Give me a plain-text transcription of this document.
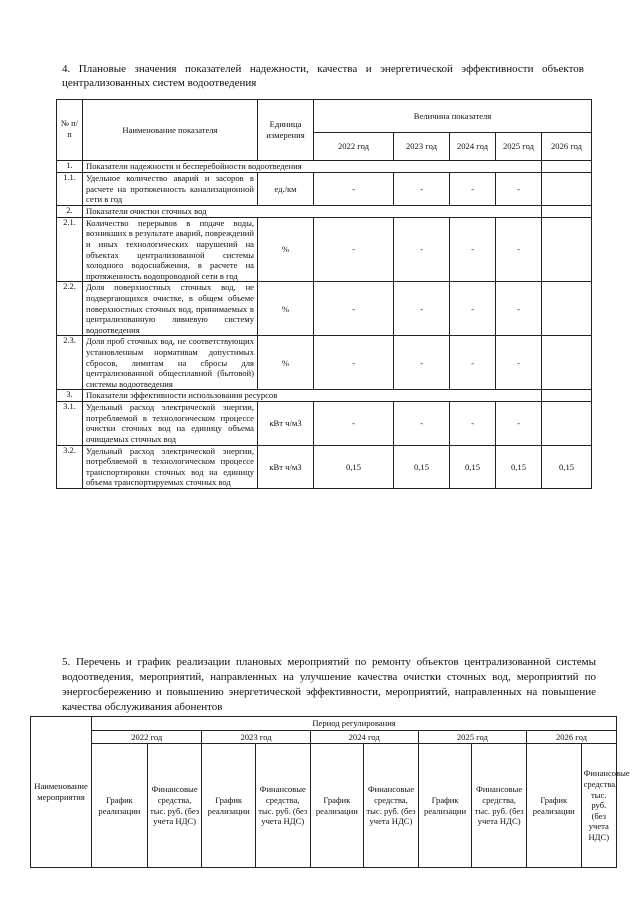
4. Плановые значения показателей надежности, качества и энергетической эффективности объектов централизованных систем водоотведения
№ п/п	Наименование показателя	Единица измерения	Величина показателя				
			2022 год	2023 год	2024 год	2025 год	2026 год
1.	Показатели надежности и бесперебойности водоотведения						
1.1.	Удельное количество аварий и засоров в расчете на протяженность канализационной сети в год	ед./км	-	-	-	-	
2.	Показатели очистки сточных вод						
2.1.	Количество перерывов в подаче воды, возникших в результате аварий, повреждений и иных технологических нарушений на объектах централизованной системы холодного водоснабжения, в расчете на протяженность водопроводной сети в год	%	-	-	-	-	
2.2.	Доля поверхностных сточных вод, не подвергающихся очистке, в общем объеме поверхностных сточных вод, принимаемых в централизованную ливневую систему водоотведения	%	-	-	-	-	
2.3.	Доля проб сточных вод, не соответствующих установленным нормативам допустимых сбросов, лимитам на сбросы для централизованной общесплавной (бытовой) системы водоотведения	%	-	-	-	-	
3.	Показатели эффективности использования ресурсов						
3.1.	Удельный расход электрической энергии, потребляемой в технологическом процессе очистки сточных вод на единицу объема очищаемых сточных вод	кВт ч/м3	-	-	-	-	
3.2.	Удельный расход электрической энергии, потребляемой в технологическом процессе транспортировки сточных вод на единицу объема транспортируемых сточных вод	кВт ч/м3	0,15	0,15	0,15	0,15	0,15
5. Перечень и график реализации плановых мероприятий по ремонту объектов централизованной системы водоотведения, мероприятий, направленных на улучшение качества очистки сточных вод, мероприятий по энергосбережению и повышению энергетической эффективности, мероприятий, направленных на повышение качества обслуживания абонентов
Наименование мероприятия	Период регулирования									
	2022 год		2023 год		2024 год		2025 год		2026 год	
	График реализации	Финансовые средства, тыс. руб. (без учета НДС)	График реализации	Финансовые средства, тыс. руб. (без учета НДС)	График реализации	Финансовые средства, тыс. руб. (без учета НДС)	График реализации	Финансовые средства, тыс. руб. (без учета НДС)	График реализации	Финансовые средства, тыс. руб. (без учета НДС)
